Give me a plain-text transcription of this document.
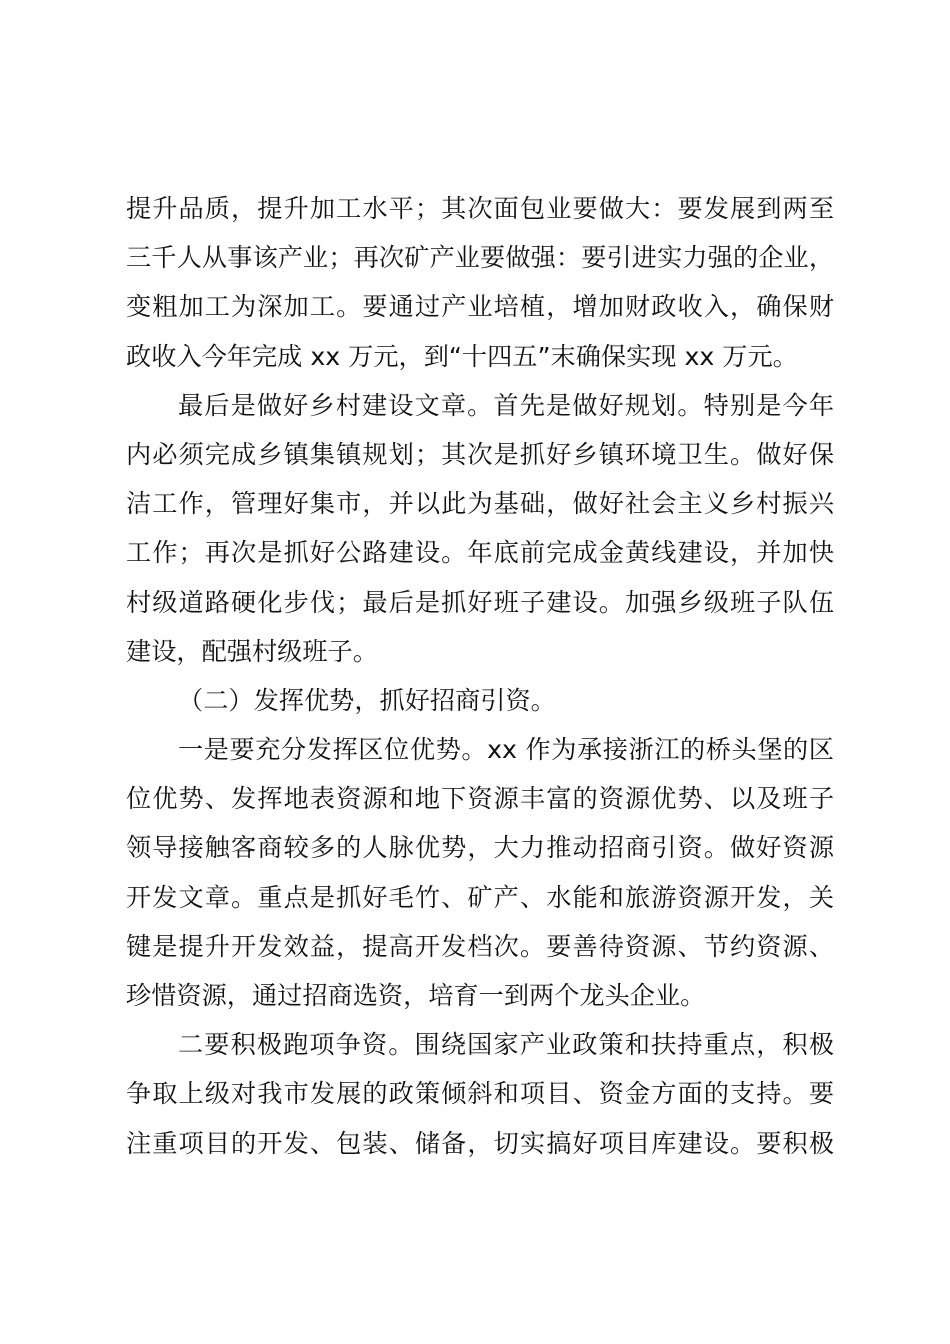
提升品质，提升加工水平；其次面包业要做大：要发展到两至
三千人从事该产业；再次矿产业要做强：要引进实力强的企业，
变粗加工为深加工。要通过产业培植，增加财政收入，确保财
政收入今年完成 xx 万元，到“十四五”末确保实现 xx 万元。
最后是做好乡村建设文章。首先是做好规划。特别是今年
内必须完成乡镇集镇规划；其次是抓好乡镇环境卫生。做好保
洁工作，管理好集市，并以此为基础，做好社会主义乡村振兴
工作；再次是抓好公路建设。年底前完成金黄线建设，并加快
村级道路硬化步伐；最后是抓好班子建设。加强乡级班子队伍
建设，配强村级班子。
（二）发挥优势，抓好招商引资。
一是要充分发挥区位优势。xx 作为承接浙江的桥头堡的区
位优势、发挥地表资源和地下资源丰富的资源优势、以及班子
领导接触客商较多的人脉优势，大力推动招商引资。做好资源
开发文章。重点是抓好毛竹、矿产、水能和旅游资源开发，关
键是提升开发效益，提高开发档次。要善待资源、节约资源、
珍惜资源，通过招商选资，培育一到两个龙头企业。
二要积极跑项争资。围绕国家产业政策和扶持重点，积极
争取上级对我市发展的政策倾斜和项目、资金方面的支持。要
注重项目的开发、包装、储备，切实搞好项目库建设。要积极
